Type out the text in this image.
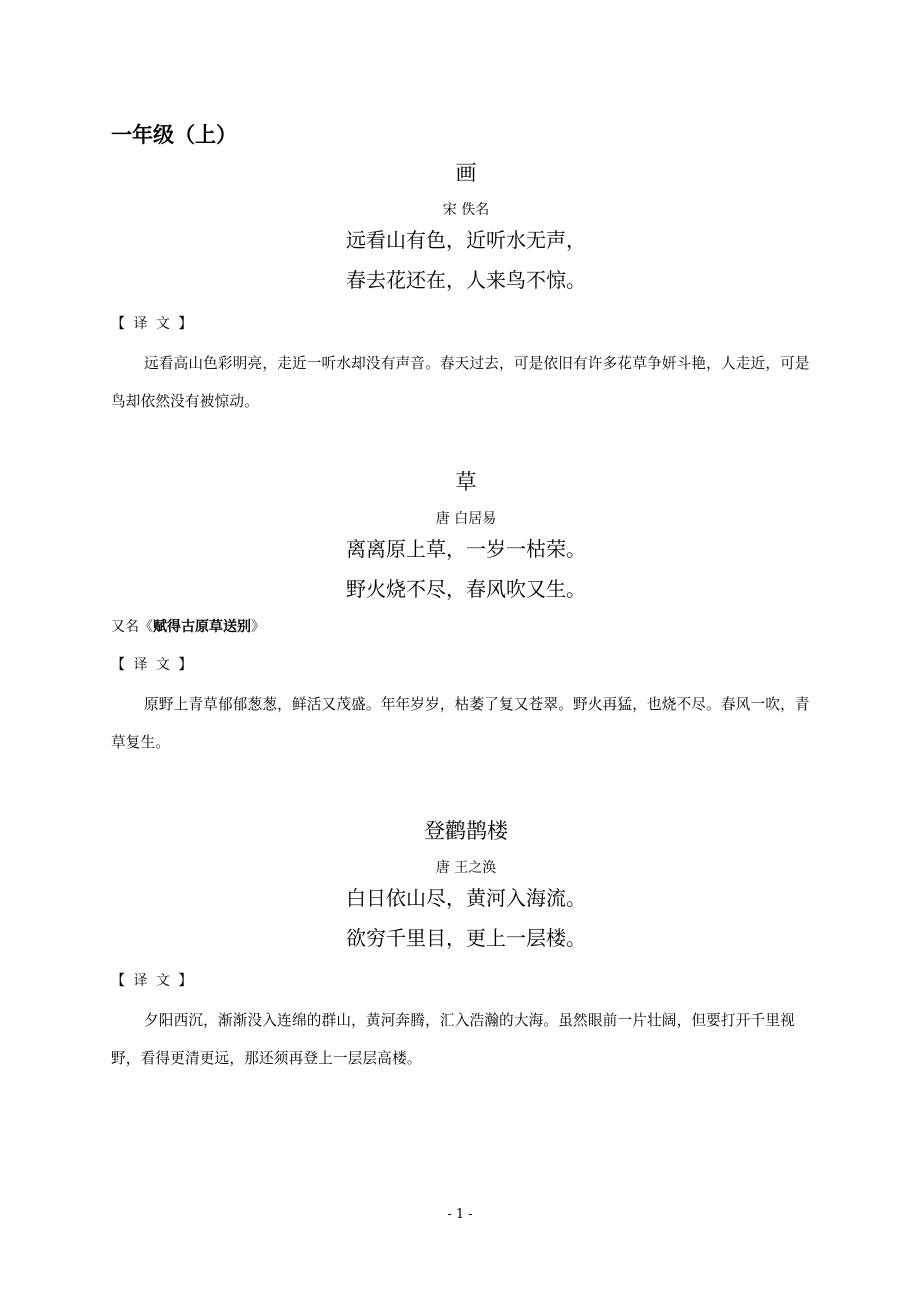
一年级（上）
画
宋 佚名
远看山有色，近听水无声，
春去花还在，人来鸟不惊。
【 译 文 】
远看高山色彩明亮，走近一听水却没有声音。春天过去，可是依旧有许多花草争妍斗艳，人走近，可是鸟却依然没有被惊动。
草
唐 白居易
离离原上草，一岁一枯荣。
野火烧不尽，春风吹又生。
又名《赋得古原草送别》
【 译 文 】
原野上青草郁郁葱葱，鲜活又茂盛。年年岁岁，枯萎了复又苍翠。野火再猛，也烧不尽。春风一吹，青草复生。
登鹳鹊楼
唐 王之涣
白日依山尽，黄河入海流。
欲穷千里目，更上一层楼。
【 译 文 】
夕阳西沉，渐渐没入连绵的群山，黄河奔腾，汇入浩瀚的大海。虽然眼前一片壮阔，但要打开千里视野，看得更清更远，那还须再登上一层层高楼。
- 1 -
